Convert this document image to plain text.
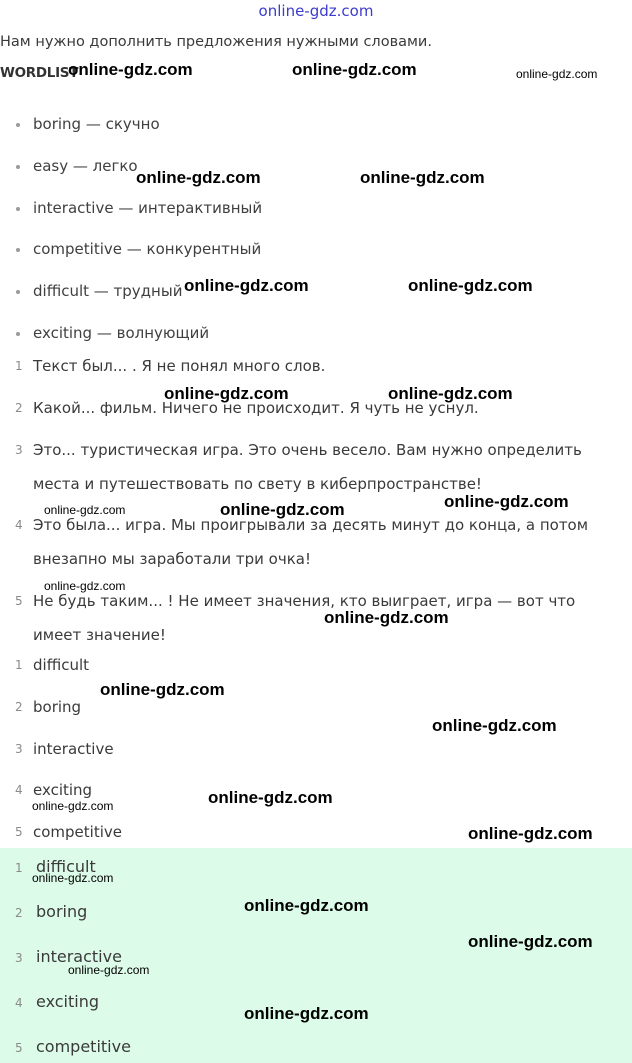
online-gdz.com
Нам нужно дополнить предложения нужными словами.
WORDLIST
boring — скучно
easy — легко
interactive — интерактивный
competitive — конкурентный
difficult — трудный
exciting — волнующий
1 Текст был... . Я не понял много слов.
2 Какой... фильм. Ничего не происходит. Я чуть не уснул.
3 Это... туристическая игра. Это очень весело. Вам нужно определить места и путешествовать по свету в киберпространстве!
4 Это была... игра. Мы проигрывали за десять минут до конца, а потом внезапно мы заработали три очка!
5 Не будь таким... ! Не имеет значения, кто выиграет, игра — вот что имеет значение!
1 difficult
2 boring
3 interactive
4 exciting
5 competitive
1 difficult
2 boring
3 interactive
4 exciting
5 competitive
online-gdz.com	online-gdz.com	online-gdz.com
online-gdz.com	online-gdz.com
online-gdz.com	online-gdz.com
online-gdz.com	online-gdz.com
online-gdz.com
online-gdz.com	online-gdz.com
online-gdz.com
online-gdz.com
online-gdz.com
online-gdz.com
online-gdz.com
online-gdz.com
online-gdz.com
online-gdz.com
online-gdz.com
online-gdz.com
online-gdz.com
online-gdz.com
